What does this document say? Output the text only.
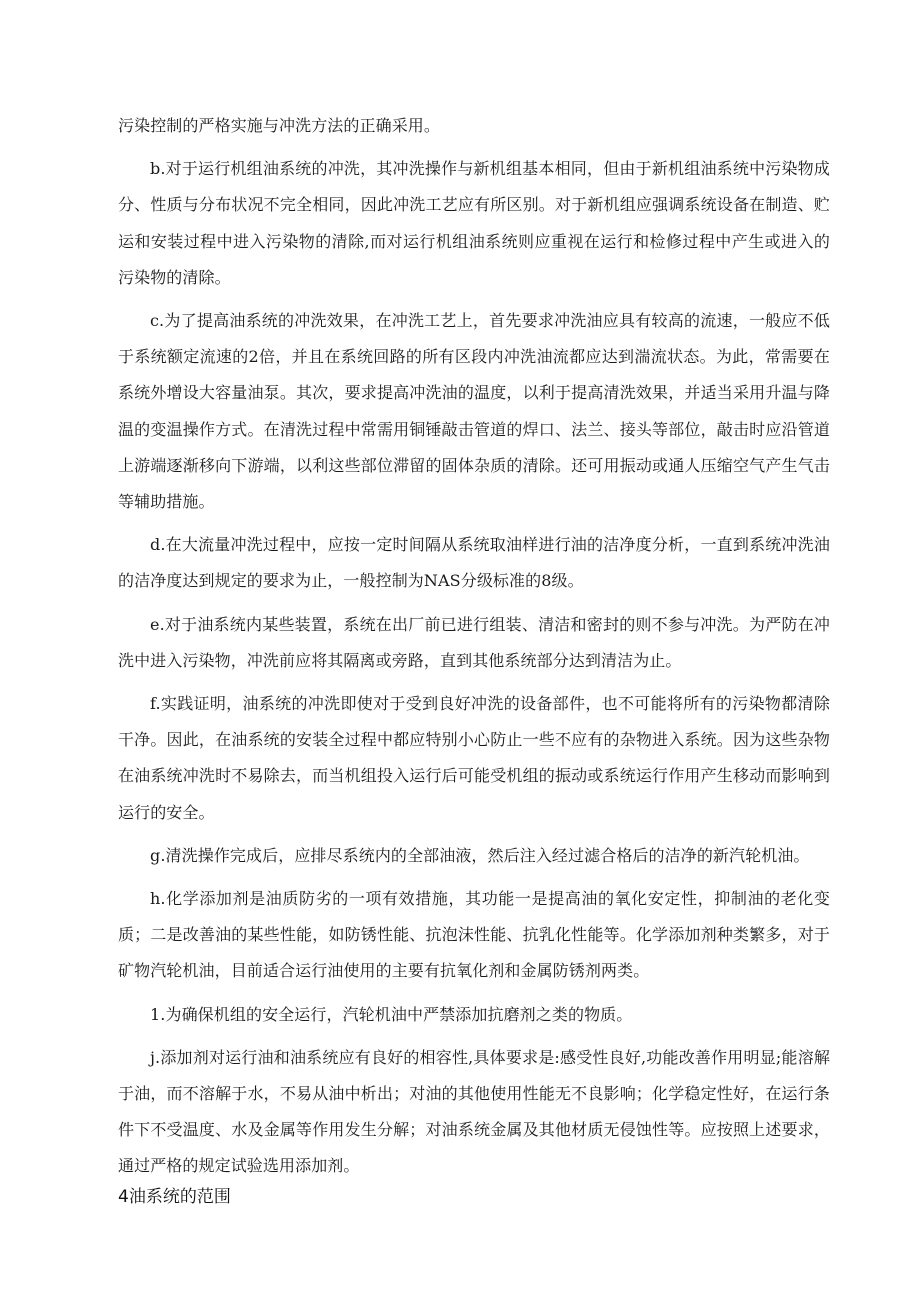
污染控制的严格实施与冲洗方法的正确采用。

b.对于运行机组油系统的冲洗，其冲洗操作与新机组基本相同，但由于新机组油系统中污染物成分、性质与分布状况不完全相同，因此冲洗工艺应有所区别。对于新机组应强调系统设备在制造、贮运和安装过程中进入污染物的清除,而对运行机组油系统则应重视在运行和检修过程中产生或进入的污染物的清除。

c.为了提高油系统的冲洗效果，在冲洗工艺上，首先要求冲洗油应具有较高的流速，一般应不低于系统额定流速的2倍，并且在系统回路的所有区段内冲洗油流都应达到湍流状态。为此，常需要在系统外增设大容量油泵。其次，要求提高冲洗油的温度，以利于提高清洗效果，并适当采用升温与降温的变温操作方式。在清洗过程中常需用铜锤敲击管道的焊口、法兰、接头等部位，敲击时应沿管道上游端逐渐移向下游端，以利这些部位滞留的固体杂质的清除。还可用振动或通人压缩空气产生气击等辅助措施。

d.在大流量冲洗过程中，应按一定时间隔从系统取油样进行油的洁净度分析，一直到系统冲洗油的洁净度达到规定的要求为止，一般控制为NAS分级标准的8级。

e.对于油系统内某些装置，系统在出厂前已进行组装、清洁和密封的则不参与冲洗。为严防在冲洗中进入污染物，冲洗前应将其隔离或旁路，直到其他系统部分达到清洁为止。

f.实践证明，油系统的冲洗即使对于受到良好冲洗的设备部件，也不可能将所有的污染物都清除干净。因此，在油系统的安装全过程中都应特别小心防止一些不应有的杂物进入系统。因为这些杂物在油系统冲洗时不易除去，而当机组投入运行后可能受机组的振动或系统运行作用产生移动而影响到运行的安全。

g.清洗操作完成后，应排尽系统内的全部油液，然后注入经过滤合格后的洁净的新汽轮机油。

h.化学添加剂是油质防劣的一项有效措施，其功能一是提高油的氧化安定性，抑制油的老化变质；二是改善油的某些性能，如防锈性能、抗泡沫性能、抗乳化性能等。化学添加剂种类繁多，对于矿物汽轮机油，目前适合运行油使用的主要有抗氧化剂和金属防锈剂两类。

1.为确保机组的安全运行，汽轮机油中严禁添加抗磨剂之类的物质。

j.添加剂对运行油和油系统应有良好的相容性,具体要求是:感受性良好,功能改善作用明显;能溶解于油，而不溶解于水，不易从油中析出；对油的其他使用性能无不良影响；化学稳定性好，在运行条件下不受温度、水及金属等作用发生分解；对油系统金属及其他材质无侵蚀性等。应按照上述要求，通过严格的规定试验选用添加剂。

4油系统的范围
